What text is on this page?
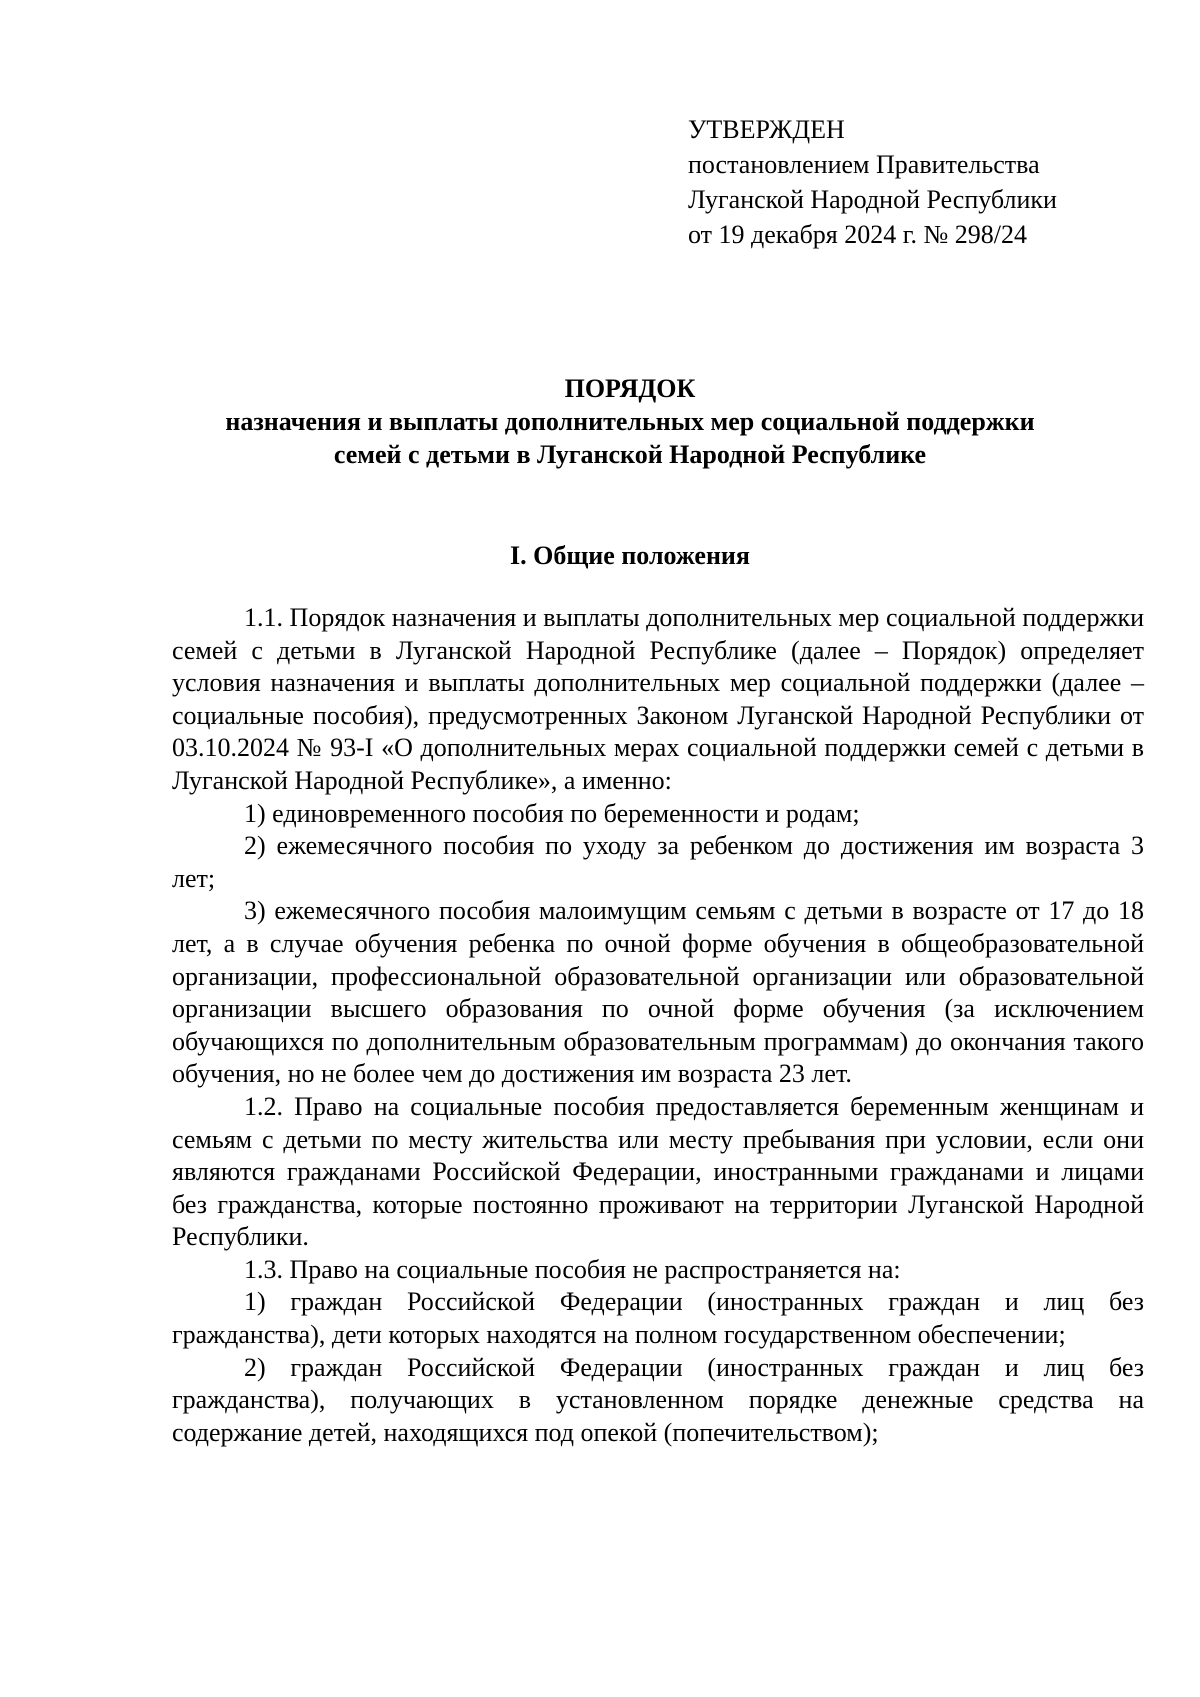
УТВЕРЖДЕН
постановлением Правительства
Луганской Народной Республики
от 19 декабря 2024 г. № 298/24
ПОРЯДОК
назначения и выплаты дополнительных мер социальной поддержки
семей с детьми в Луганской Народной Республике
I. Общие положения

1.1. Порядок назначения и выплаты дополнительных мер социальной поддержки семей с детьми в Луганской Народной Республике (далее – Порядок) определяет условия назначения и выплаты дополнительных мер социальной поддержки (далее – социальные пособия), предусмотренных Законом Луганской Народной Республики от 03.10.2024 № 93-I «О дополнительных мерах социальной поддержки семей с детьми в Луганской Народной Республике», а именно:

1) единовременного пособия по беременности и родам;

2) ежемесячного пособия по уходу за ребенком до достижения им возраста 3 лет;

3) ежемесячного пособия малоимущим семьям с детьми в возрасте от 17 до 18 лет, а в случае обучения ребенка по очной форме обучения в общеобразовательной организации, профессиональной образовательной организации или образовательной организации высшего образования по очной форме обучения (за исключением обучающихся по дополнительным образовательным программам) до окончания такого обучения, но не более чем до достижения им возраста 23 лет.

1.2. Право на социальные пособия предоставляется беременным женщинам и семьям с детьми по месту жительства или месту пребывания при условии, если они являются гражданами Российской Федерации, иностранными гражданами и лицами без гражданства, которые постоянно проживают на территории Луганской Народной Республики.

1.3. Право на социальные пособия не распространяется на:

1) граждан Российской Федерации (иностранных граждан и лиц без гражданства), дети которых находятся на полном государственном обеспечении;

2) граждан Российской Федерации (иностранных граждан и лиц без гражданства), получающих в установленном порядке денежные средства на содержание детей, находящихся под опекой (попечительством);
